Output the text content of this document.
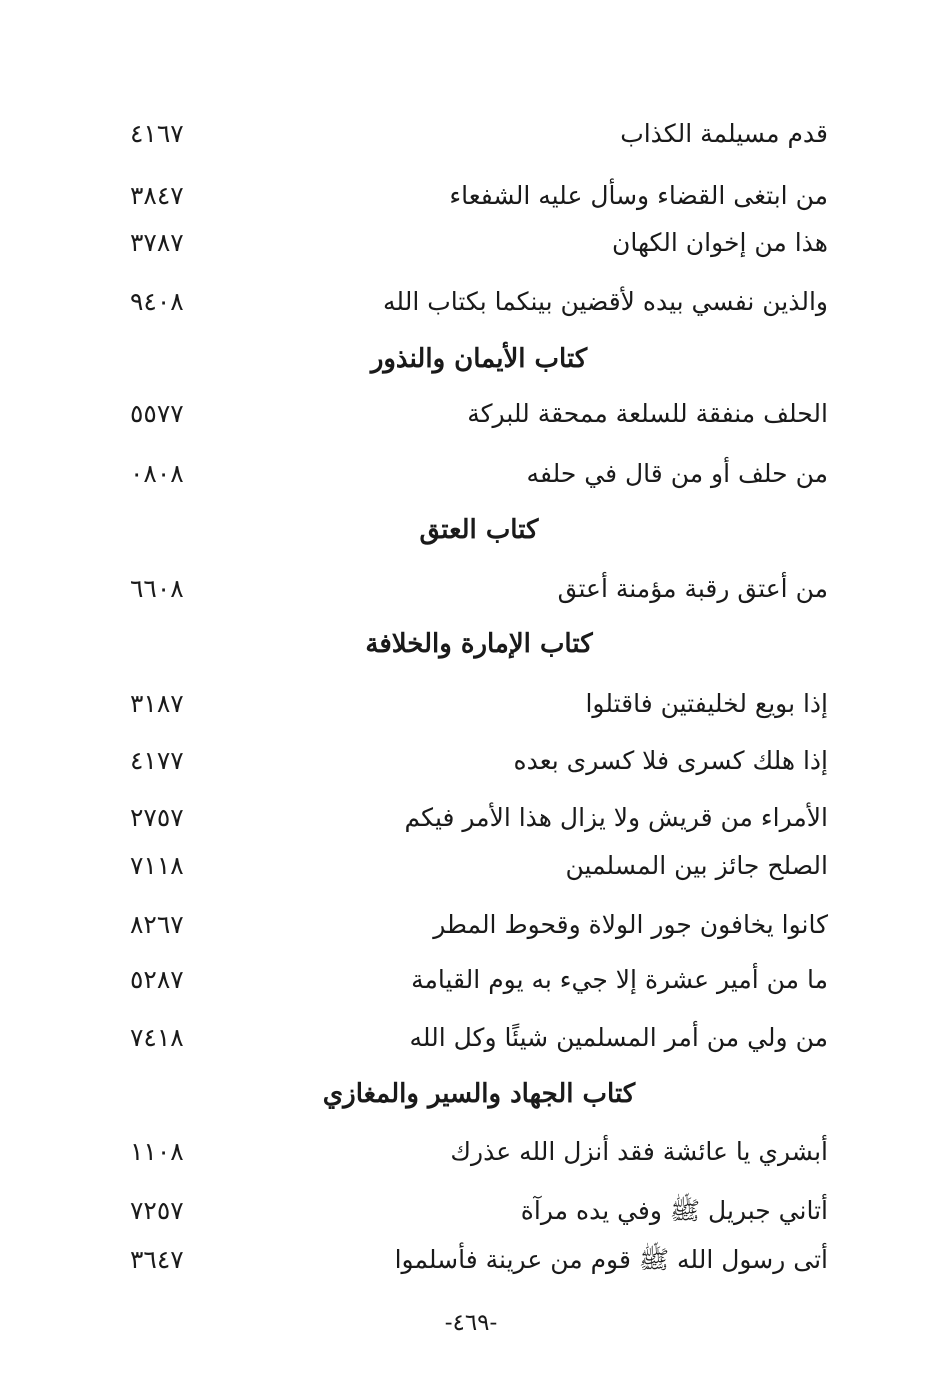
قدم مسيلمة الكذاب
٧٦١٤
من ابتغى القضاء وسأل عليه الشفعاء
٧٤٨٣
هذا من إخوان الكهان
٧٨٧٣
والذين نفسي بيده لأقضين بينكما بكتاب الله
٨٠٤٩
كتاب الأيمان والنذور
الحلف منفقة للسلعة ممحقة للبركة
٧٧٥٥
من حلف أو من قال في حلفه
٨٠٨٠
كتاب العتق
من أعتق رقبة مؤمنة أعتق
٨٠٦٦
كتاب الإمارة والخلافة
إذا بويع لخليفتين فاقتلوا
٧٨١٣
إذا هلك كسرى فلا كسرى بعده
٧٧١٤
الأمراء من قريش ولا يزال هذا الأمر فيكم
٧٥٧٢
الصلح جائز بين المسلمين
٨١١٧
كانوا يخافون جور الولاة وقحوط المطر
٧٦٢٨
ما من أمير عشرة إلا جيء به يوم القيامة
٧٨٢٥
من ولي من أمر المسلمين شيئًا وكل الله
٨١٤٧
كتاب الجهاد والسير والمغازي
أبشري يا عائشة فقد أنزل الله عذرك
٨٠١١
أتاني جبريل ﷺ وفي يده مرآة
٧٥٢٧
أتى رسول الله ﷺ قوم من عرينة فأسلموا
٧٤٦٣
-٤٦٩-
